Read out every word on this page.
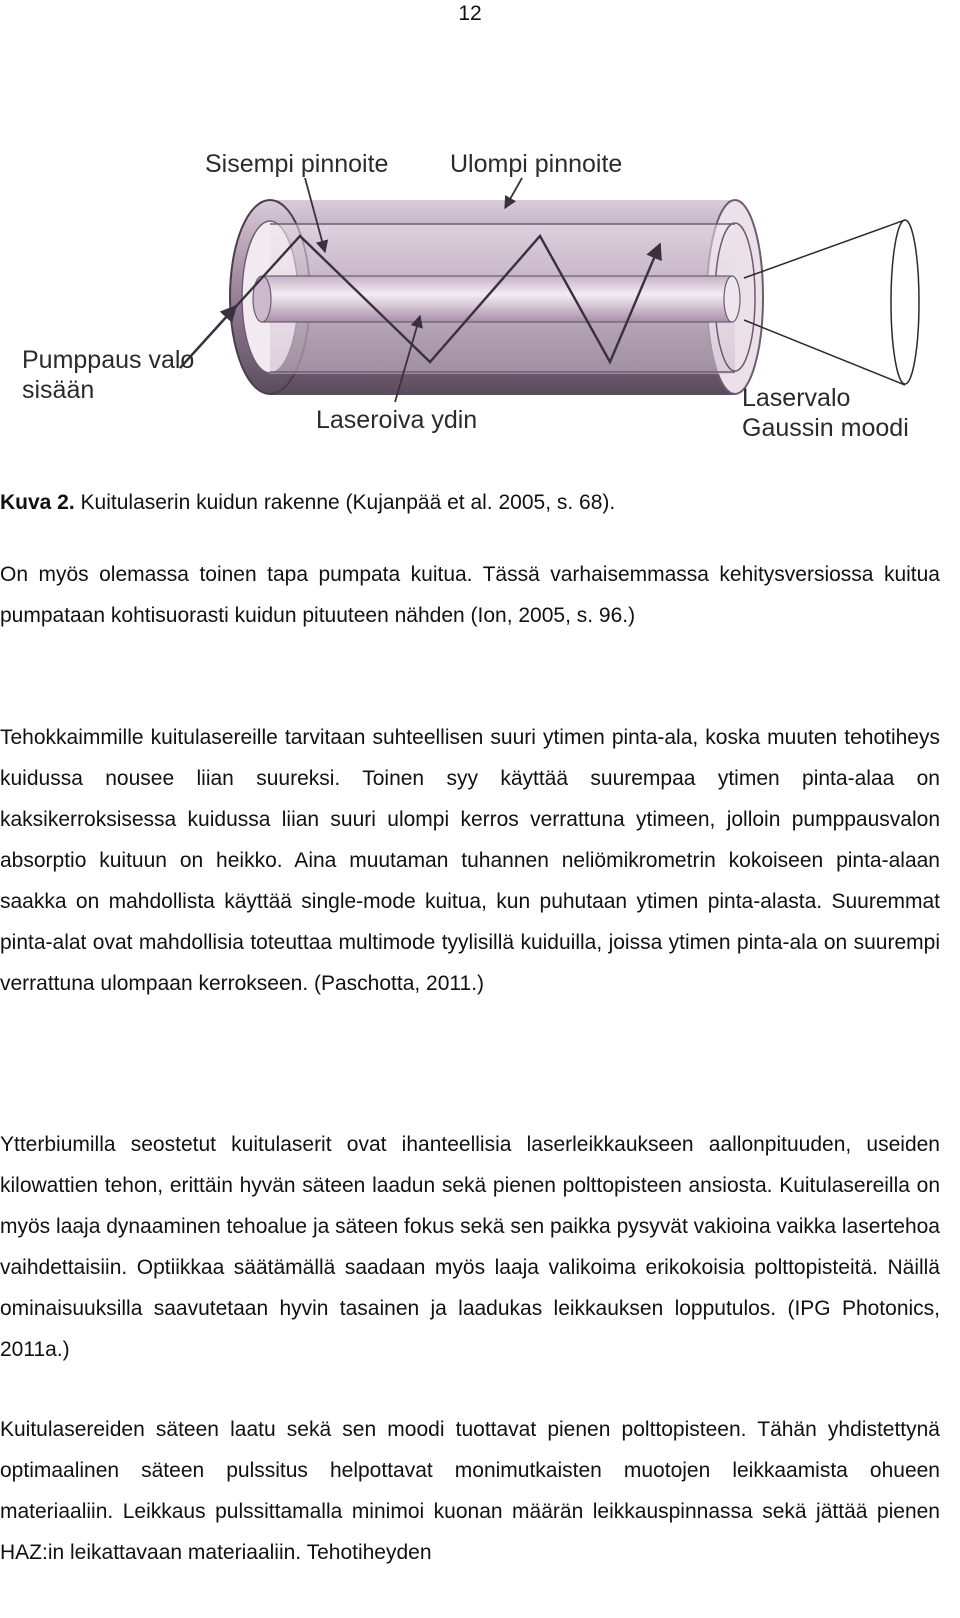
12
Sisempi pinnoite Ulompi pinnoite
Pumppaus valo
sisään
Laseroiva ydin
Laservalo
Gaussin moodi
Kuva 2. Kuitulaserin kuidun rakenne (Kujanpää et al. 2005, s. 68).

On myös olemassa toinen tapa pumpata kuitua. Tässä varhaisemmassa kehitysversiossa kuitua pumpataan kohtisuorasti kuidun pituuteen nähden (Ion, 2005, s. 96.)

Tehokkaimmille kuitulasereille tarvitaan suhteellisen suuri ytimen pinta-ala, koska muuten tehotiheys kuidussa nousee liian suureksi. Toinen syy käyttää suurempaa ytimen pinta-alaa on kaksikerroksisessa kuidussa liian suuri ulompi kerros verrattuna ytimeen, jolloin pumppausvalon absorptio kuituun on heikko. Aina muutaman tuhannen neliömikrometrin kokoiseen pinta-alaan saakka on mahdollista käyttää single-mode kuitua, kun puhutaan ytimen pinta-alasta. Suuremmat pinta-alat ovat mahdollisia toteuttaa multimode tyylisillä kuiduilla, joissa ytimen pinta-ala on suurempi verrattuna ulompaan kerrokseen. (Paschotta, 2011.)

Ytterbiumilla seostetut kuitulaserit ovat ihanteellisia laserleikkaukseen aallonpituuden, useiden kilowattien tehon, erittäin hyvän säteen laadun sekä pienen polttopisteen ansiosta. Kuitulasereilla on myös laaja dynaaminen tehoalue ja säteen fokus sekä sen paikka pysyvät vakioina vaikka lasertehoa vaihdettaisiin. Optiikkaa säätämällä saadaan myös laaja valikoima erikokoisia polttopisteitä. Näillä ominaisuuksilla saavutetaan hyvin tasainen ja laadukas leikkauksen lopputulos. (IPG Photonics, 2011a.)

Kuitulasereiden säteen laatu sekä sen moodi tuottavat pienen polttopisteen. Tähän yhdistettynä optimaalinen säteen pulssitus helpottavat monimutkaisten muotojen leikkaamista ohueen materiaaliin. Leikkaus pulssittamalla minimoi kuonan määrän leikkauspinnassa sekä jättää pienen HAZ:in leikattavaan materiaaliin. Tehotiheyden
